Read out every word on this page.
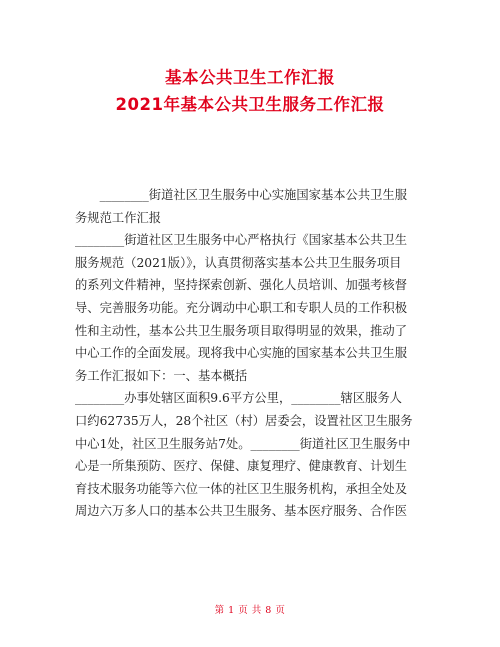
基本公共卫生工作汇报
2021年基本公共卫生服务工作汇报

　　________街道社区卫生服务中心实施国家基本公共卫生服

务规范工作汇报

________街道社区卫生服务中心严格执行《国家基本公共卫生

服务规范（2021版）》，认真贯彻落实基本公共卫生服务项目

的系列文件精神，坚持探索创新、强化人员培训、加强考核督

导、完善服务功能。充分调动中心职工和专职人员的工作积极

性和主动性，基本公共卫生服务项目取得明显的效果，推动了

中心工作的全面发展。现将我中心实施的国家基本公共卫生服

务工作汇报如下：一、基本概括

________办事处辖区面积9.6平方公里，________辖区服务人

口约62735万人，28个社区（村）居委会，设置社区卫生服务

中心1处，社区卫生服务站7处。________街道社区卫生服务中

心是一所集预防、医疗、保健、康复理疗、健康教育、计划生

育技术服务功能等六位一体的社区卫生服务机构，承担全处及

周边六万多人口的基本公共卫生服务、基本医疗服务、合作医

第 1 页 共 8 页
